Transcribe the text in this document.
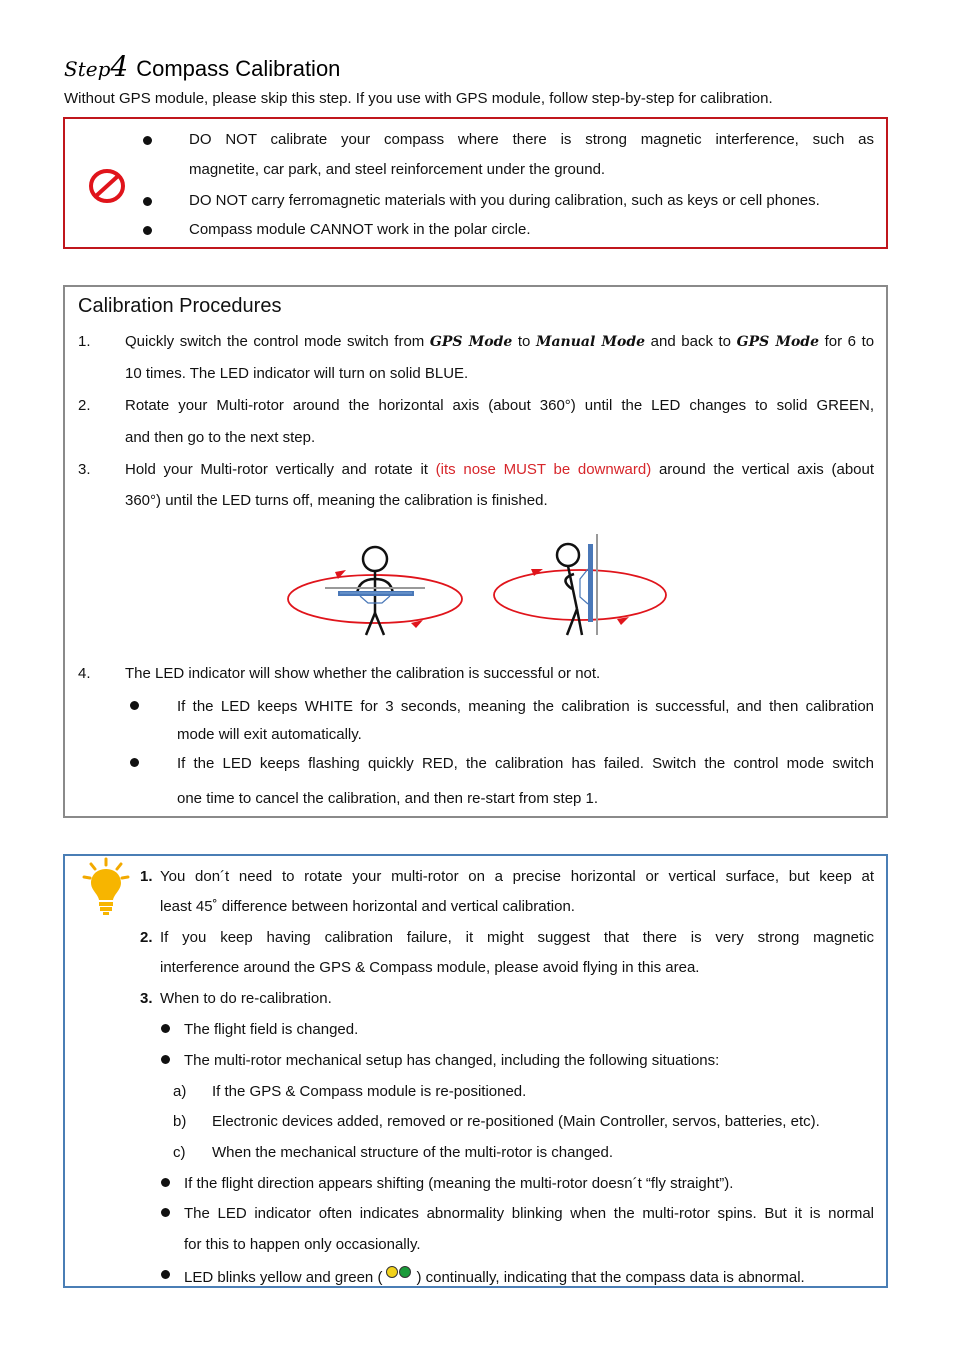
Step4 Compass Calibration
Without GPS module, please skip this step. If you use with GPS module, follow step-by-step for calibration.
DO NOT calibrate your compass where there is strong magnetic interference, such as
magnetite, car park, and steel reinforcement under the ground.
DO NOT carry ferromagnetic materials with you during calibration, such as keys or cell phones.
Compass module CANNOT work in the polar circle.
Calibration Procedures
1. Quickly switch the control mode switch from GPS Mode to Manual Mode and back to GPS Mode for 6 to
10 times. The LED indicator will turn on solid BLUE.
2. Rotate your Multi-rotor around the horizontal axis (about 360°) until the LED changes to solid GREEN,
and then go to the next step.
3. Hold your Multi-rotor vertically and rotate it (its nose MUST be downward) around the vertical axis (about
360°) until the LED turns off, meaning the calibration is finished.
4. The LED indicator will show whether the calibration is successful or not.
If the LED keeps WHITE for 3 seconds, meaning the calibration is successful, and then calibration
mode will exit automatically.
If the LED keeps flashing quickly RED, the calibration has failed. Switch the control mode switch
one time to cancel the calibration, and then re-start from step 1.
1. You don´t need to rotate your multi-rotor on a precise horizontal or vertical surface, but keep at
least 45˚ difference between horizontal and vertical calibration.
2. If you keep having calibration failure, it might suggest that there is very strong magnetic
interference around the GPS & Compass module, please avoid flying in this area.
3. When to do re-calibration.
The flight field is changed.
The multi-rotor mechanical setup has changed, including the following situations:
a) If the GPS & Compass module is re-positioned.
b) Electronic devices added, removed or re-positioned (Main Controller, servos, batteries, etc).
c) When the mechanical structure of the multi-rotor is changed.
If the flight direction appears shifting (meaning the multi-rotor doesn´t “fly straight”).
The LED indicator often indicates abnormality blinking when the multi-rotor spins. But it is normal
for this to happen only occasionally.
LED blinks yellow and green ( ) continually, indicating that the compass data is abnormal.
